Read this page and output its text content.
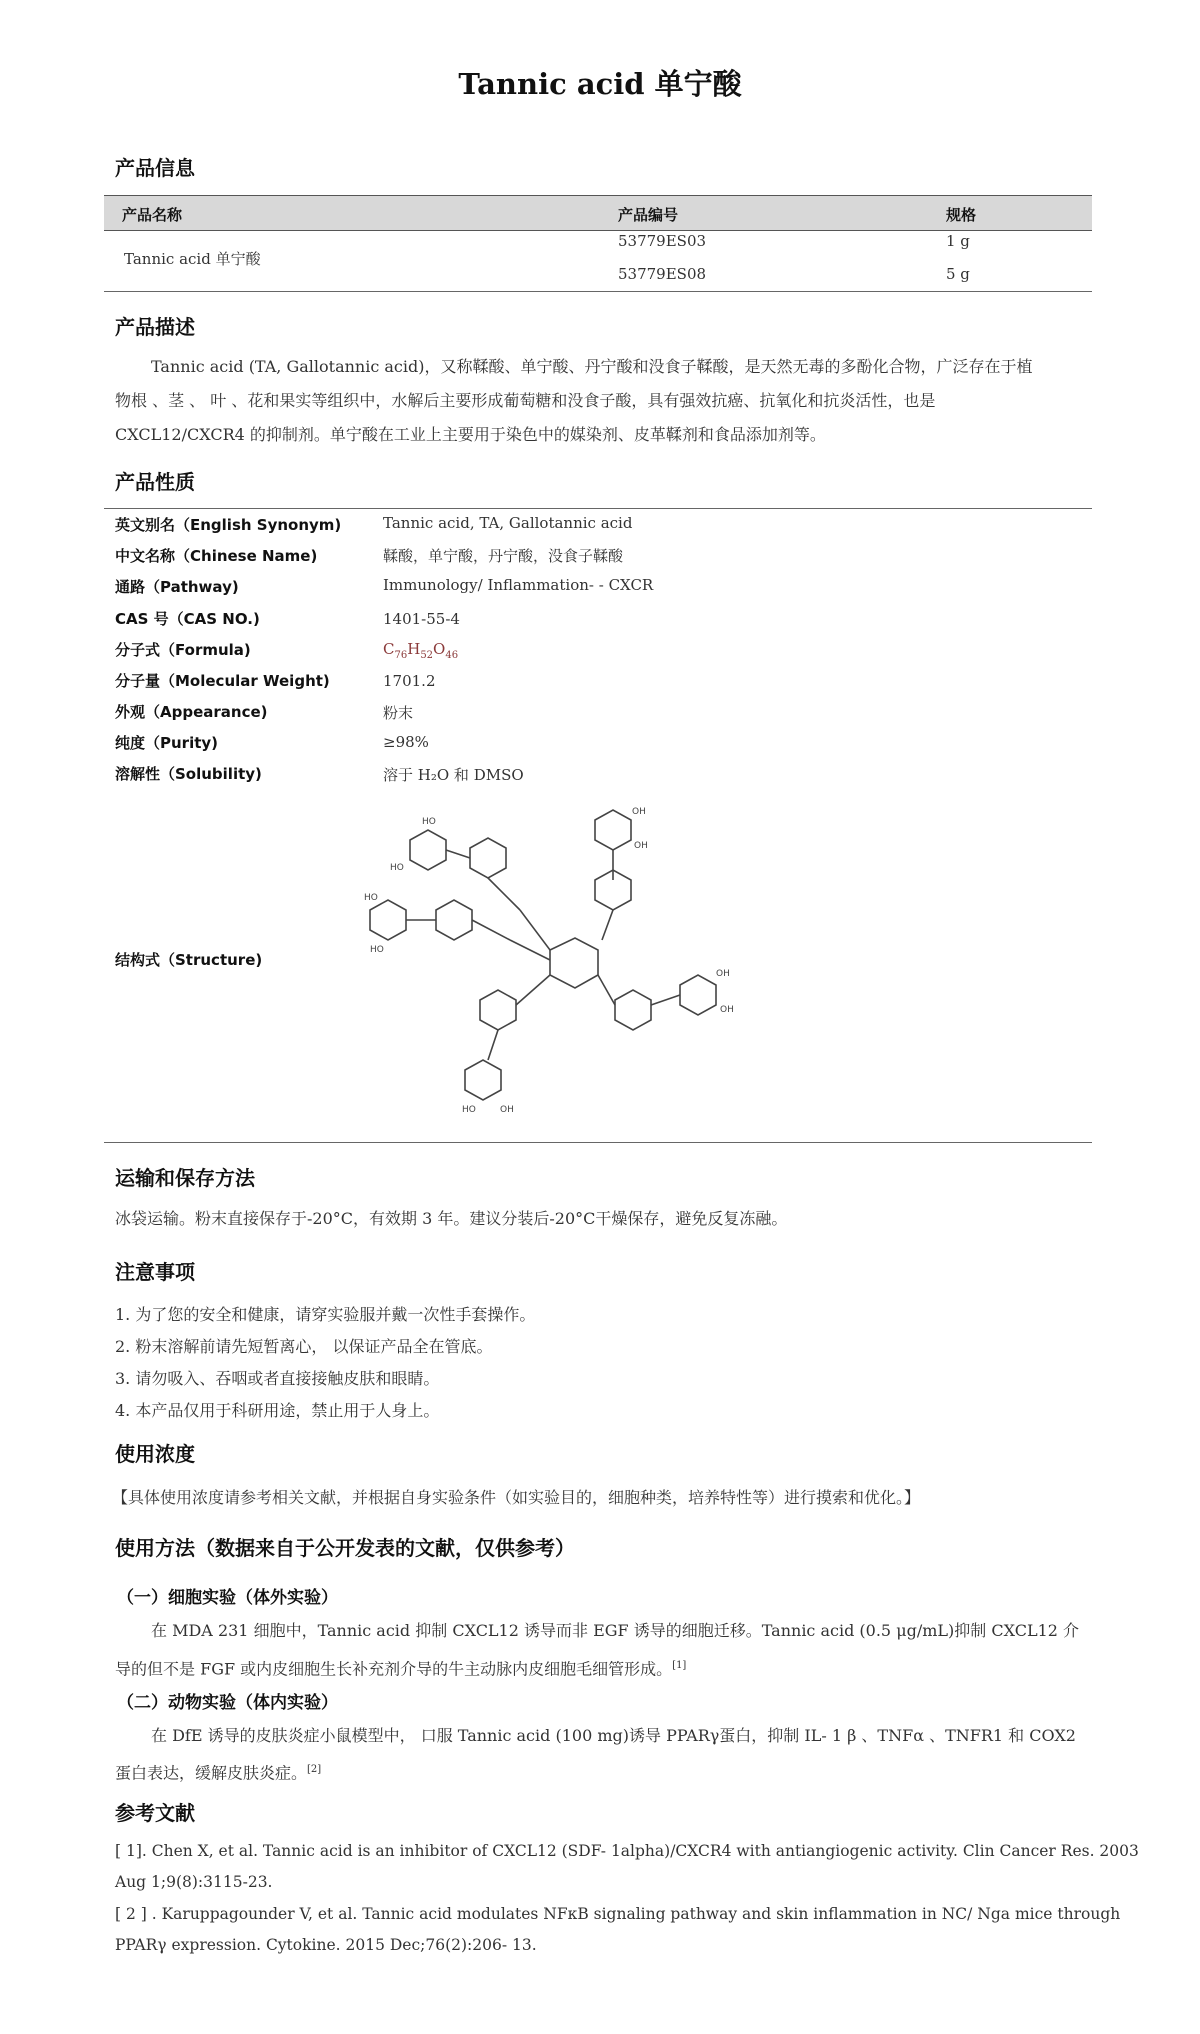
Tannic acid 单宁酸
产品信息
产品名称	产品编号	规格
Tannic acid 单宁酸
53779ES03	1 g
53779ES08	5 g
产品描述
Tannic acid (TA, Gallotannic acid)，又称鞣酸、单宁酸、丹宁酸和没食子鞣酸，是天然无毒的多酚化合物，广泛存在于植
物根 、茎 、 叶 、花和果实等组织中，水解后主要形成葡萄糖和没食子酸，具有强效抗癌、抗氧化和抗炎活性，也是
CXCL12/CXCR4 的抑制剂。单宁酸在工业上主要用于染色中的媒染剂、皮革鞣剂和食品添加剂等。
产品性质
英文别名（English Synonym)	Tannic acid, TA, Gallotannic acid
中文名称（Chinese Name)	鞣酸，单宁酸，丹宁酸，没食子鞣酸
通路（Pathway)	Immunology/ Inflammation- - CXCR
CAS 号（CAS NO.)	1401-55-4
分子式（Formula)	$C_{76}H_{52}O_{46}$
分子量（Molecular Weight)	1701.2
外观（Appearance)	粉末
纯度（Purity)	≥98%
溶解性（Solubility)	溶于 H₂O 和 DMSO
结构式（Structure)
HO
HO
HO
HO
OH
OH
OH
OH
HO	OH
运输和保存方法
冰袋运输。粉末直接保存于-20°C，有效期 3 年。建议分装后-20°C干燥保存，避免反复冻融。
注意事项
1. 为了您的安全和健康，请穿实验服并戴一次性手套操作。
2. 粉末溶解前请先短暂离心， 以保证产品全在管底。
3. 请勿吸入、吞咽或者直接接触皮肤和眼睛。
4. 本产品仅用于科研用途，禁止用于人身上。
使用浓度
【具体使用浓度请参考相关文献，并根据自身实验条件（如实验目的，细胞种类，培养特性等）进行摸索和优化。】
使用方法（数据来自于公开发表的文献，仅供参考）
（一）细胞实验（体外实验）
在 MDA 231 细胞中，Tannic acid 抑制 CXCL12 诱导而非 EGF 诱导的细胞迁移。Tannic acid (0.5 μg/mL)抑制 CXCL12 介
导的但不是 FGF 或内皮细胞生长补充剂介导的牛主动脉内皮细胞毛细管形成。[1]
（二）动物实验（体内实验）
在 DfE 诱导的皮肤炎症小鼠模型中， 口服 Tannic acid (100 mg)诱导 PPARγ蛋白，抑制 IL- 1 β 、TNFα 、TNFR1 和 COX2
蛋白表达，缓解皮肤炎症。[2]
参考文献
[ 1]. Chen X, et al. Tannic acid is an inhibitor of CXCL12 (SDF- 1alpha)/CXCR4 with antiangiogenic activity. Clin Cancer Res. 2003
Aug 1;9(8):3115-23.
[ 2 ] . Karuppagounder V, et al. Tannic acid modulates NFκB signaling pathway and skin inflammation in NC/ Nga mice through
PPARγ expression. Cytokine. 2015 Dec;76(2):206- 13.
